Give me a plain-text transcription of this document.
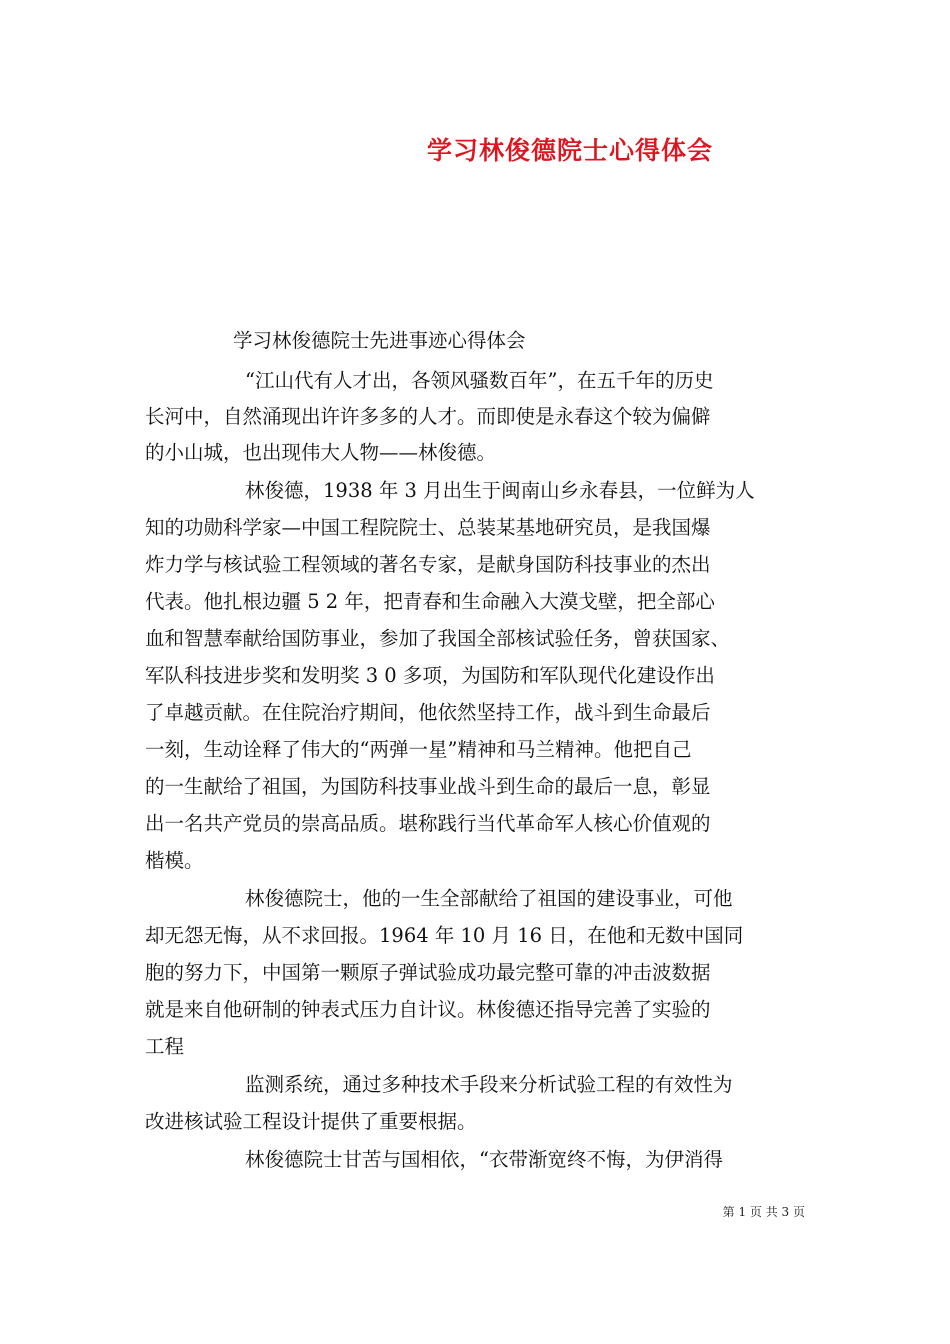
学习林俊德院士心得体会
学习林俊德院士先进事迹心得体会
“江山代有人才出，各领风骚数百年”，在五千年的历史
长河中，自然涌现出许许多多的人才。而即使是永春这个较为偏僻
的小山城，也出现伟大人物——林俊德。
林俊德，1938 年 3 月出生于闽南山乡永春县，一位鲜为人
知的功勋科学家—中国工程院院士、总装某基地研究员，是我国爆
炸力学与核试验工程领域的著名专家，是献身国防科技事业的杰出
代表。他扎根边疆 5 2 年，把青春和生命融入大漠戈壁，把全部心
血和智慧奉献给国防事业，参加了我国全部核试验任务，曾获国家、
军队科技进步奖和发明奖 3 0 多项，为国防和军队现代化建设作出
了卓越贡献。在住院治疗期间，他依然坚持工作，战斗到生命最后
一刻，生动诠释了伟大的“两弹一星”精神和马兰精神。他把自己
的一生献给了祖国，为国防科技事业战斗到生命的最后一息，彰显
出一名共产党员的崇高品质。堪称践行当代革命军人核心价值观的
楷模。
林俊德院士，他的一生全部献给了祖国的建设事业，可他
却无怨无悔，从不求回报。1964 年 10 月 16 日，在他和无数中国同
胞的努力下，中国第一颗原子弹试验成功最完整可靠的冲击波数据
就是来自他研制的钟表式压力自计议。林俊德还指导完善了实验的
工程
监测系统，通过多种技术手段来分析试验工程的有效性为
改进核试验工程设计提供了重要根据。
林俊德院士甘苦与国相依，“衣带渐宽终不悔，为伊消得
第 1 页 共 3 页
